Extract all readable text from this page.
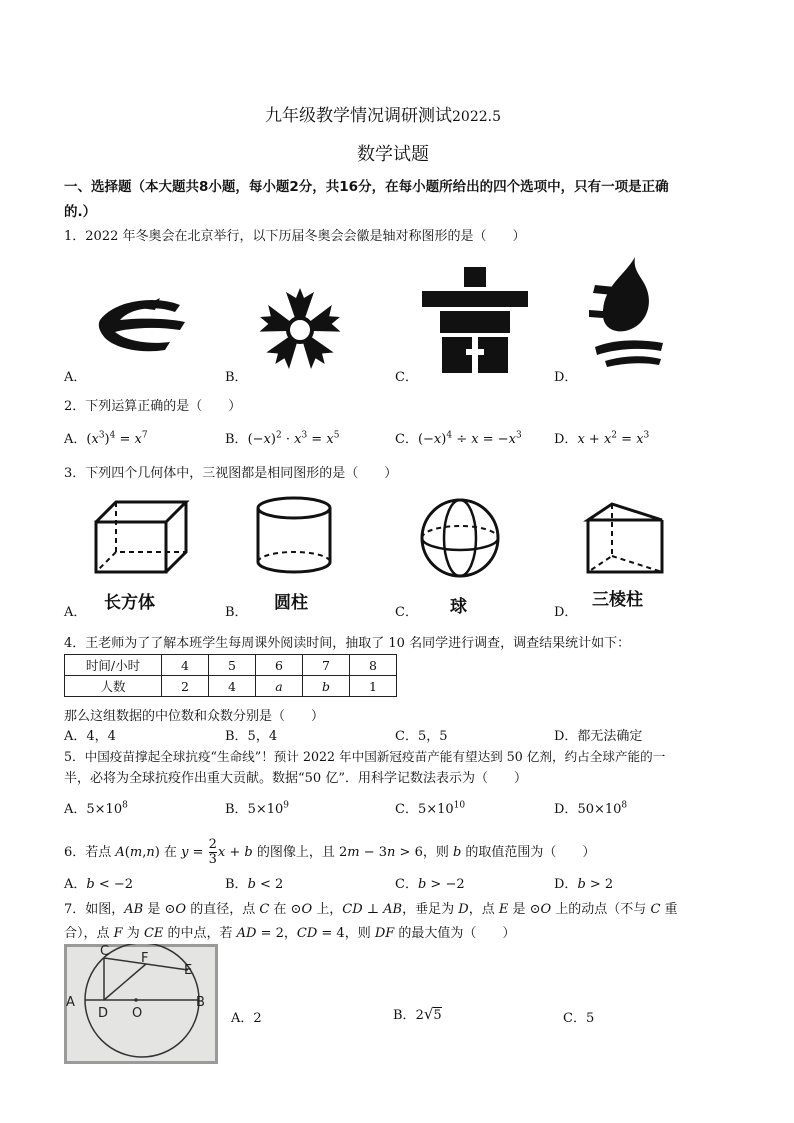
九年级教学情况调研测试2022.5
数学试题
一、选择题（本大题共8小题，每小题2分，共16分，在每小题所给出的四个选项中，只有一项是正确
的.）
1．2022 年冬奥会在北京举行，以下历届冬奥会会徽是轴对称图形的是（　　）
A．	B．	C．	D．
2．下列运算正确的是（　　）
A．$(x^3)^4 = x^7$	B．$(-x)^2 \cdot x^3 = x^5$	C．$(-x)^4 \div x = -x^3$ D．$x + x^2 = x^3$
3．下列四个几何体中，三视图都是相同图形的是（　　）
长方体	圆柱	球	三棱柱
A．	B．	C．	D．
4．王老师为了了解本班学生每周课外阅读时间，抽取了 10 名同学进行调查，调查结果统计如下：
时间/小时	4	5	6	7	8
人数	2	4	a	b	1
那么这组数据的中位数和众数分别是（　　）
A．4，4	B．5，4	C．5，5	D．都无法确定
5．中国疫苗撑起全球抗疫“生命线”！预计 2022 年中国新冠疫苗产能有望达到 50 亿剂，约占全球产能的一
半，必将为全球抗疫作出重大贡献。数据“50 亿”．用科学记数法表示为（　　）
A．$5\times 10^8$	B．$5\times 10^9$	C．$5\times 10^{10}$	D．$50\times 10^8$
6．若点 A(m,n) 在 $y = \frac{2}{3}$ x + b 的图像上，且 2m − 3n > 6，则 b 的取值范围为（　　）
A．b < −2	B．b < 2	C．b > −2	D．b > 2
7．如图，AB 是 ⊙O 的直径，点 C 在 ⊙O 上，CD ⊥ AB，垂足为 D，点 E 是 ⊙O 上的动点（不与 C 重
合），点 F 为 CE 的中点，若 AD = 2，CD = 4，则 DF 的最大值为（　　）
C F
E
A
D O
B
A．2	B．2√5	C．5
